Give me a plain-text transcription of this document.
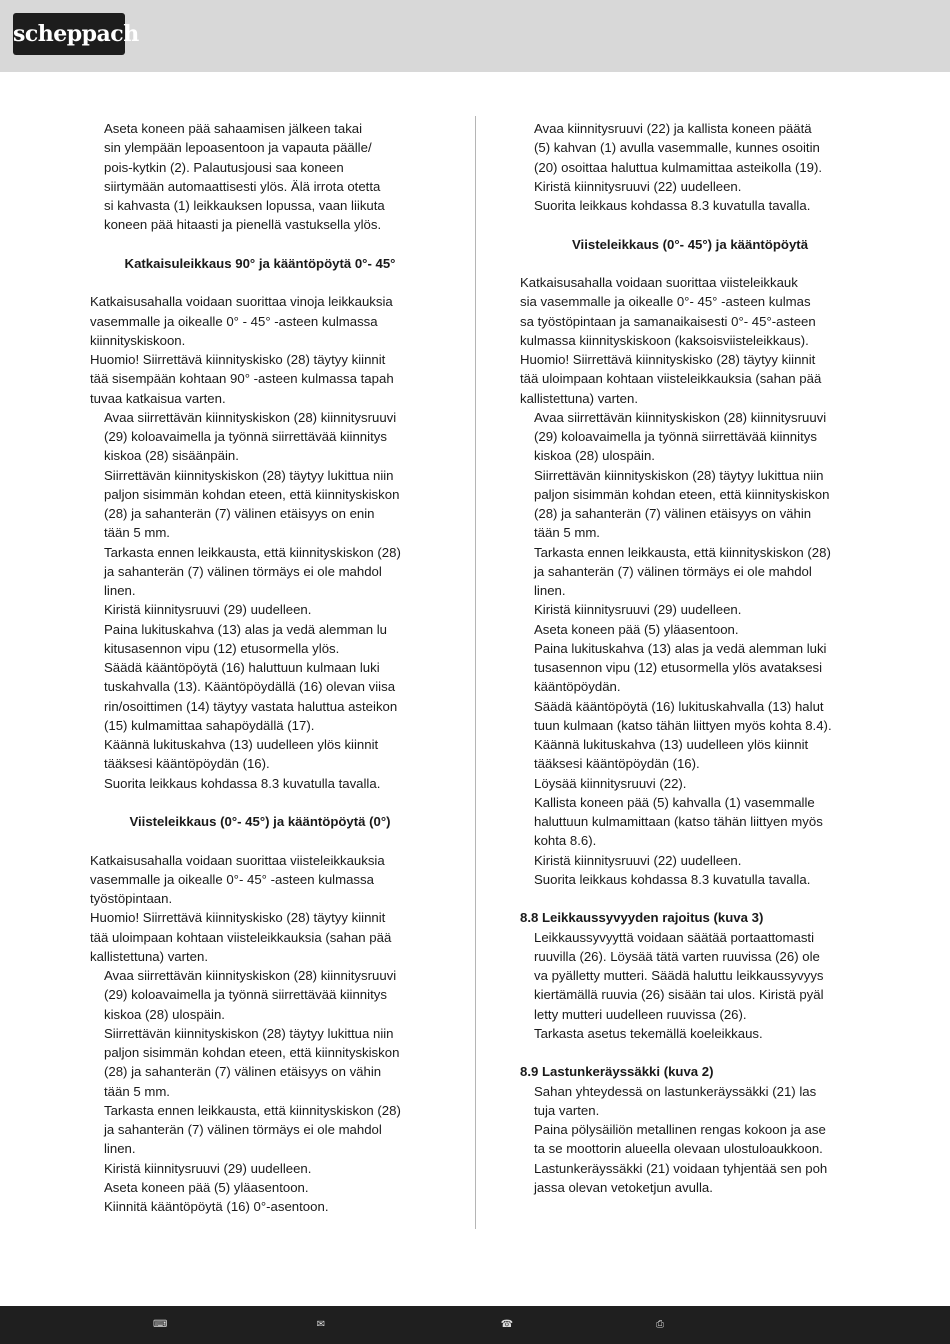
scheppach

Aseta koneen pää sahaamisen jälkeen takai

sin ylempään lepoasentoon ja vapauta päälle/

pois-kytkin (2). Palautusjousi saa koneen

siirtymään automaattisesti ylös. Älä irrota otetta

si kahvasta (1) leikkauksen lopussa, vaan liikuta

koneen pää hitaasti ja pienellä vastuksella ylös.

Katkaisuleikkaus 90° ja kääntöpöytä 0°- 45°

Katkaisusahalla voidaan suorittaa vinoja leikkauksia

vasemmalle ja oikealle 0° - 45° -asteen kulmassa

kiinnityskiskoon.

Huomio! Siirrettävä kiinnityskisko (28) täytyy kiinnit

tää sisempään kohtaan 90° -asteen kulmassa tapah

tuvaa katkaisua varten.

Avaa siirrettävän kiinnityskiskon (28) kiinnitysruuvi

(29) koloavaimella ja työnnä siirrettävää kiinnitys

kiskoa (28) sisäänpäin.

Siirrettävän kiinnityskiskon (28) täytyy lukittua niin

paljon sisimmän kohdan eteen, että kiinnityskiskon

(28) ja sahanterän (7) välinen etäisyys on enin

tään 5 mm.

Tarkasta ennen leikkausta, että kiinnityskiskon (28)

ja sahanterän (7) välinen törmäys ei ole mahdol

linen.

Kiristä kiinnitysruuvi (29) uudelleen.

Paina lukituskahva (13) alas ja vedä alemman lu

kitusasennon vipu (12) etusormella ylös.

Säädä kääntöpöytä (16) haluttuun kulmaan luki

tuskahvalla (13). Kääntöpöydällä (16) olevan viisa

rin/osoittimen (14) täytyy vastata haluttua asteikon

(15) kulmamittaa sahapöydällä (17).

Käännä lukituskahva (13) uudelleen ylös kiinnit

tääksesi kääntöpöydän (16).

Suorita leikkaus kohdassa 8.3 kuvatulla tavalla.

Viisteleikkaus (0°- 45°) ja kääntöpöytä (0°)

Katkaisusahalla voidaan suorittaa viisteleikkauksia

vasemmalle ja oikealle 0°- 45° -asteen kulmassa

työstöpintaan.

Huomio! Siirrettävä kiinnityskisko (28) täytyy kiinnit

tää uloimpaan kohtaan viisteleikkauksia (sahan pää

kallistettuna) varten.

Avaa siirrettävän kiinnityskiskon (28) kiinnitysruuvi

(29) koloavaimella ja työnnä siirrettävää kiinnitys

kiskoa (28) ulospäin.

Siirrettävän kiinnityskiskon (28) täytyy lukittua niin

paljon sisimmän kohdan eteen, että kiinnityskiskon

(28) ja sahanterän (7) välinen etäisyys on vähin

tään 5 mm.

Tarkasta ennen leikkausta, että kiinnityskiskon (28)

ja sahanterän (7) välinen törmäys ei ole mahdol

linen.

Kiristä kiinnitysruuvi (29) uudelleen.

Aseta koneen pää (5) yläasentoon.

Kiinnitä kääntöpöytä (16) 0°-asentoon.

Avaa kiinnitysruuvi (22) ja kallista koneen päätä

(5) kahvan (1) avulla vasemmalle, kunnes osoitin

(20) osoittaa haluttua kulmamittaa asteikolla (19).

Kiristä kiinnitysruuvi (22) uudelleen.

Suorita leikkaus kohdassa 8.3 kuvatulla tavalla.

Viisteleikkaus (0°- 45°) ja kääntöpöytä

Katkaisusahalla voidaan suorittaa viisteleikkauk

sia vasemmalle ja oikealle 0°- 45° -asteen kulmas

sa työstöpintaan ja samanaikaisesti 0°- 45°-asteen

kulmassa kiinnityskiskoon (kaksoisviisteleikkaus).

Huomio! Siirrettävä kiinnityskisko (28) täytyy kiinnit

tää uloimpaan kohtaan viisteleikkauksia (sahan pää

kallistettuna) varten.

Avaa siirrettävän kiinnityskiskon (28) kiinnitysruuvi

(29) koloavaimella ja työnnä siirrettävää kiinnitys

kiskoa (28) ulospäin.

Siirrettävän kiinnityskiskon (28) täytyy lukittua niin

paljon sisimmän kohdan eteen, että kiinnityskiskon

(28) ja sahanterän (7) välinen etäisyys on vähin

tään 5 mm.

Tarkasta ennen leikkausta, että kiinnityskiskon (28)

ja sahanterän (7) välinen törmäys ei ole mahdol

linen.

Kiristä kiinnitysruuvi (29) uudelleen.

Aseta koneen pää (5) yläasentoon.

Paina lukituskahva (13) alas ja vedä alemman luki

tusasennon vipu (12) etusormella ylös avataksesi

kääntöpöydän.

Säädä kääntöpöytä (16) lukituskahvalla (13) halut

tuun kulmaan (katso tähän liittyen myös kohta 8.4).

Käännä lukituskahva (13) uudelleen ylös kiinnit

tääksesi kääntöpöydän (16).

Löysää kiinnitysruuvi (22).

Kallista koneen pää (5) kahvalla (1) vasemmalle

haluttuun kulmamittaan (katso tähän liittyen myös

kohta 8.6).

Kiristä kiinnitysruuvi (22) uudelleen.

Suorita leikkaus kohdassa 8.3 kuvatulla tavalla.

8.8 Leikkaussyvyyden rajoitus (kuva 3)

Leikkaussyvyyttä voidaan säätää portaattomasti

ruuvilla (26). Löysää tätä varten ruuvissa (26) ole

va pyälletty mutteri. Säädä haluttu leikkaussyvyys

kiertämällä ruuvia (26) sisään tai ulos. Kiristä pyäl

letty mutteri uudelleen ruuvissa (26).

Tarkasta asetus tekemällä koeleikkaus.

8.9 Lastunkeräyssäkki (kuva 2)

Sahan yhteydessä on lastunkeräyssäkki (21) las

tuja varten.

Paina pölysäiliön metallinen rengas kokoon ja ase

ta se moottorin alueella olevaan ulostuloaukkoon.

Lastunkeräyssäkki (21) voidaan tyhjentää sen poh

jassa olevan vetoketjun avulla.

⌨	✉	☎	⎙
